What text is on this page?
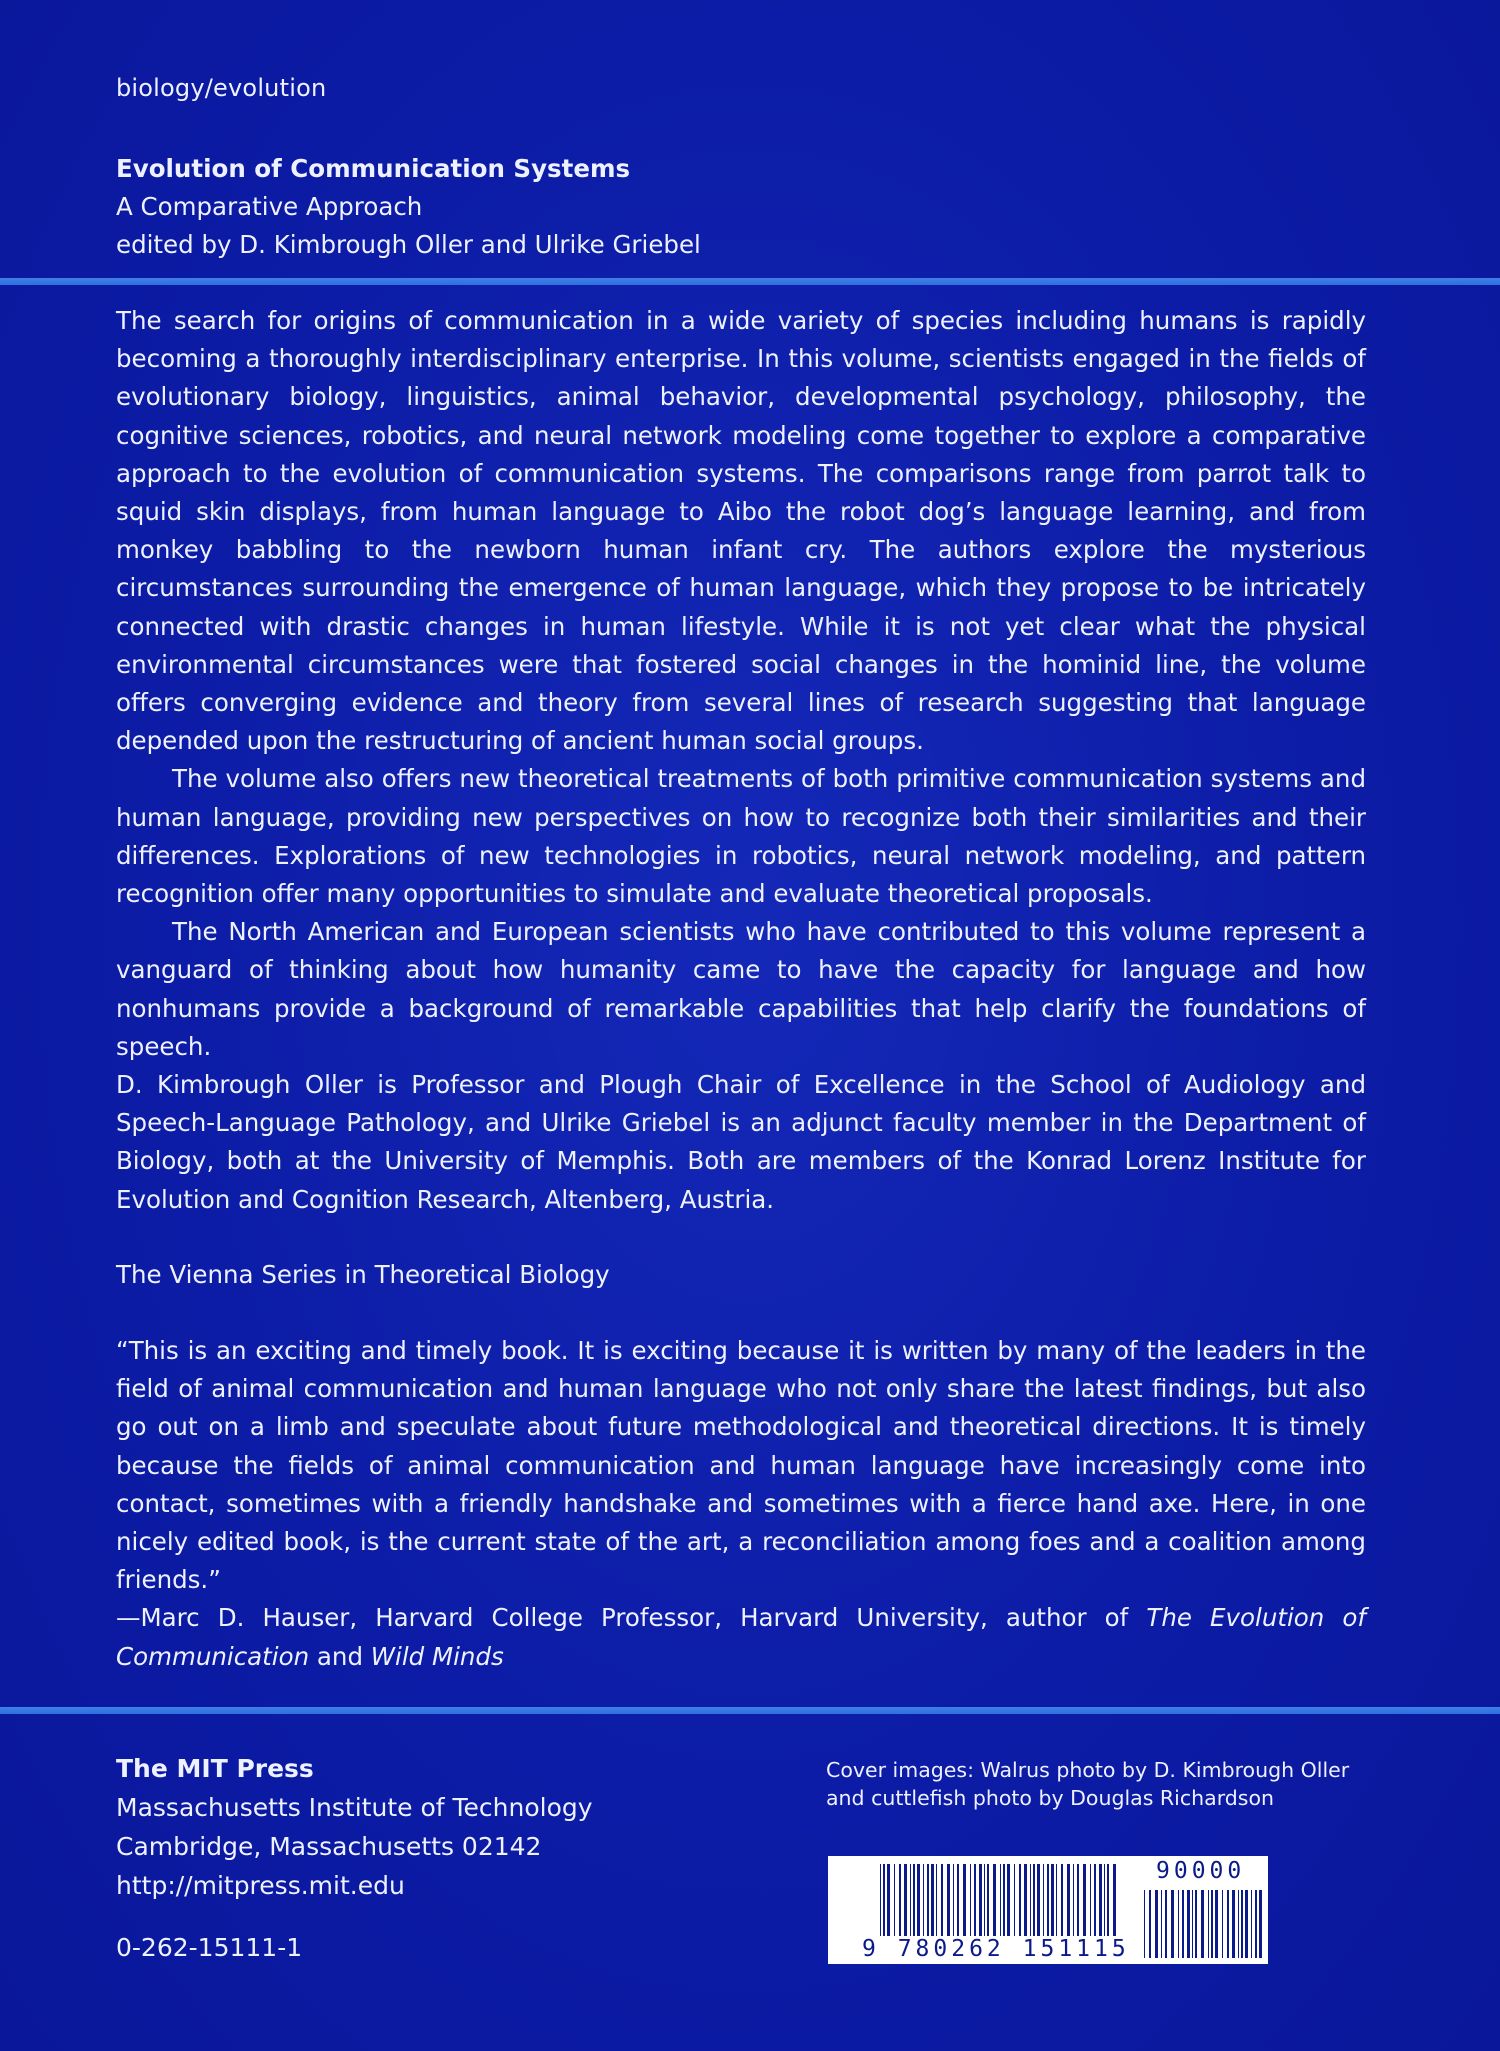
biology/evolution
Evolution of Communication Systems
A Comparative Approach
edited by D. Kimbrough Oller and Ulrike Griebel

The search for origins of communication in a wide variety of species including humans is rapidly becoming a thoroughly interdisciplinary enterprise. In this volume, scientists engaged in the fields of evolutionary biology, linguistics, animal behavior, developmental psychology, philosophy, the cognitive sciences, robotics, and neural network modeling come together to explore a comparative approach to the evolution of communication systems. The comparisons range from parrot talk to squid skin displays, from human language to Aibo the robot dog’s language learning, and from monkey babbling to the newborn human infant cry. The authors explore the mysterious circumstances surrounding the emergence of human language, which they propose to be intricately connected with drastic changes in human lifestyle. While it is not yet clear what the physical environmental circumstances were that fostered social changes in the hominid line, the volume offers converging evidence and theory from several lines of research suggesting that language depended upon the restructuring of ancient human social groups.

The volume also offers new theoretical treatments of both primitive communication systems and human language, providing new perspectives on how to recognize both their similarities and their differences. Explorations of new technologies in robotics, neural network modeling, and pattern recognition offer many opportunities to simulate and evaluate theoretical proposals.

The North American and European scientists who have contributed to this volume represent a vanguard of thinking about how humanity came to have the capacity for language and how nonhumans provide a background of remarkable capabilities that help clarify the foundations of speech.

D. Kimbrough Oller is Professor and Plough Chair of Excellence in the School of Audiology and Speech-Language Pathology, and Ulrike Griebel is an adjunct faculty member in the Department of Biology, both at the University of Memphis. Both are members of the Konrad Lorenz Institute for Evolution and Cognition Research, Altenberg, Austria.

The Vienna Series in Theoretical Biology

“This is an exciting and timely book. It is exciting because it is written by many of the leaders in the field of animal communication and human language who not only share the latest findings, but also go out on a limb and speculate about future methodological and theoretical directions. It is timely because the fields of animal communication and human language have increasingly come into contact, sometimes with a friendly handshake and sometimes with a fierce hand axe. Here, in one nicely edited book, is the current state of the art, a reconciliation among foes and a coalition among friends.”

—Marc D. Hauser, Harvard College Professor, Harvard University, author of The Evolution of Communication and Wild Minds

The MIT Press
Massachusetts Institute of Technology
Cambridge, Massachusetts 02142
http://mitpress.mit.edu
0-262-15111-1
Cover images: Walrus photo by D. Kimbrough Oller
and cuttlefish photo by Douglas Richardson
9 780262 151115
90000
